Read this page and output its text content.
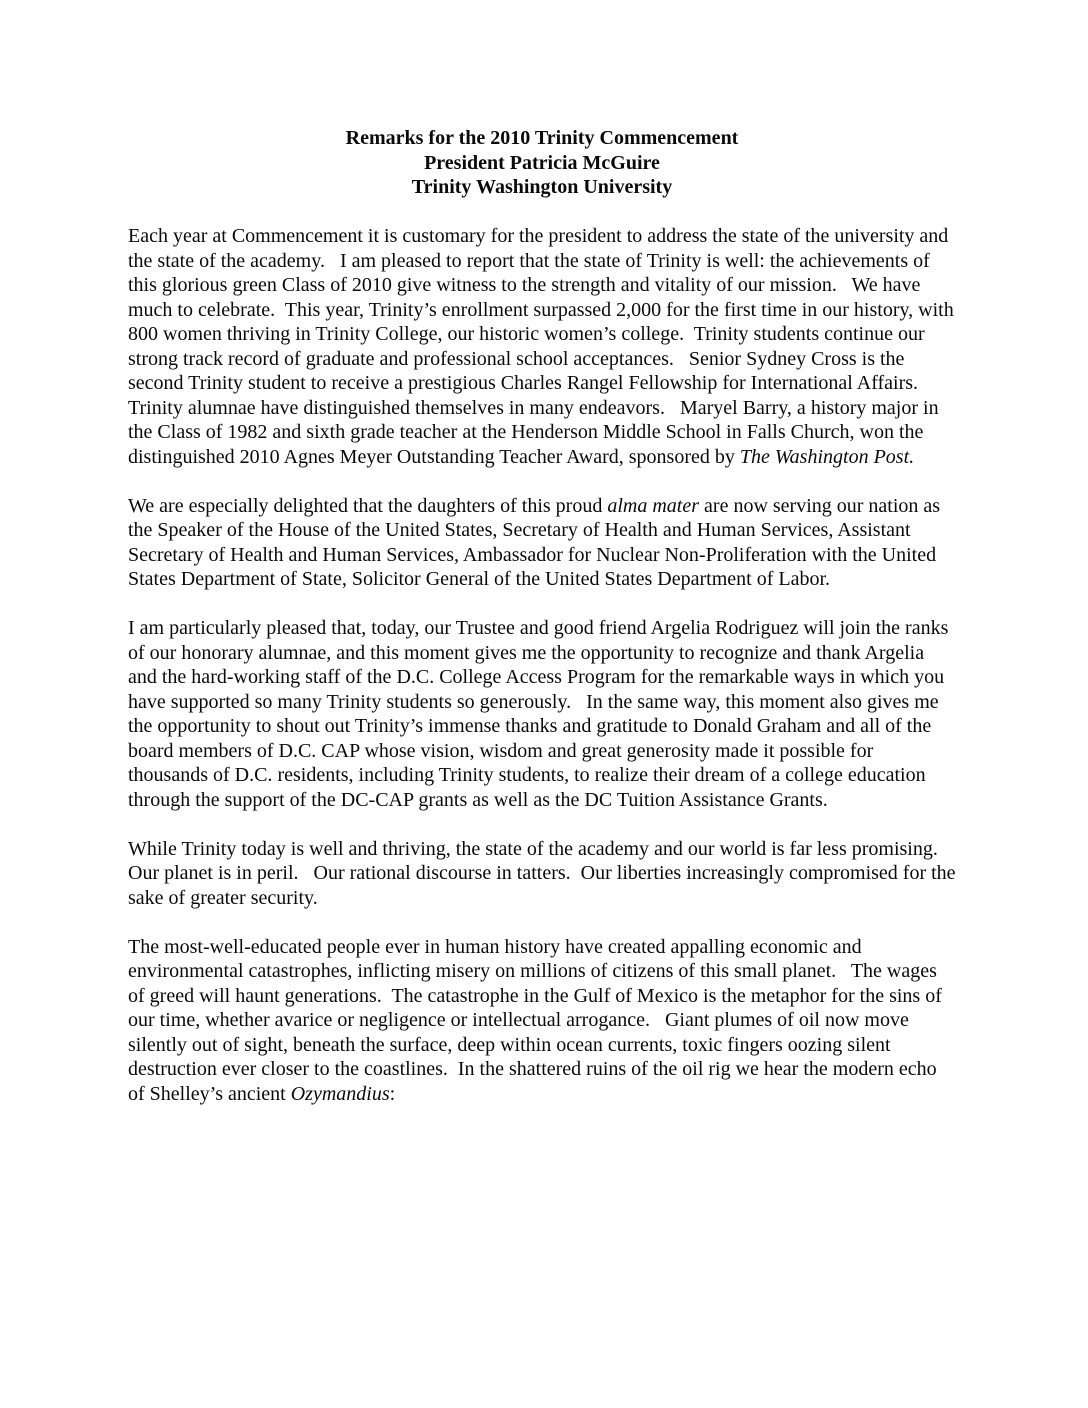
Remarks for the 2010 Trinity Commencement
President Patricia McGuire
Trinity Washington University

Each year at Commencement it is customary for the president to address the state of the university and the state of the academy.   I am pleased to report that the state of Trinity is well: the achievements of this glorious green Class of 2010 give witness to the strength and vitality of our mission.   We have much to celebrate.  This year, Trinity’s enrollment surpassed 2,000 for the first time in our history, with 800 women thriving in Trinity College, our historic women’s college.  Trinity students continue our strong track record of graduate and professional school acceptances.   Senior Sydney Cross is the second Trinity student to receive a prestigious Charles Rangel Fellowship for International Affairs.   Trinity alumnae have distinguished themselves in many endeavors.   Maryel Barry, a history major in the Class of 1982 and sixth grade teacher at the Henderson Middle School in Falls Church, won the distinguished 2010 Agnes Meyer Outstanding Teacher Award, sponsored by The Washington Post.

We are especially delighted that the daughters of this proud alma mater are now serving our nation as the Speaker of the House of the United States, Secretary of Health and Human Services, Assistant Secretary of Health and Human Services, Ambassador for Nuclear Non-Proliferation with the United States Department of State, Solicitor General of the United States Department of Labor.

I am particularly pleased that, today, our Trustee and good friend Argelia Rodriguez will join the ranks of our honorary alumnae, and this moment gives me the opportunity to recognize and thank Argelia and the hard-working staff of the D.C. College Access Program for the remarkable ways in which you have supported so many Trinity students so generously.   In the same way, this moment also gives me the opportunity to shout out Trinity’s immense thanks and gratitude to Donald Graham and all of the board members of D.C. CAP whose vision, wisdom and great generosity made it possible for thousands of D.C. residents, including Trinity students, to realize their dream of a college education through the support of the DC-CAP grants as well as the DC Tuition Assistance Grants.

While Trinity today is well and thriving, the state of the academy and our world is far less promising.   Our planet is in peril.   Our rational discourse in tatters.  Our liberties increasingly compromised for the sake of greater security.

The most-well-educated people ever in human history have created appalling economic and environmental catastrophes, inflicting misery on millions of citizens of this small planet.   The wages of greed will haunt generations.  The catastrophe in the Gulf of Mexico is the metaphor for the sins of our time, whether avarice or negligence or intellectual arrogance.   Giant plumes of oil now move silently out of sight, beneath the surface, deep within ocean currents, toxic fingers oozing silent destruction ever closer to the coastlines.  In the shattered ruins of the oil rig we hear the modern echo of Shelley’s ancient Ozymandius:
